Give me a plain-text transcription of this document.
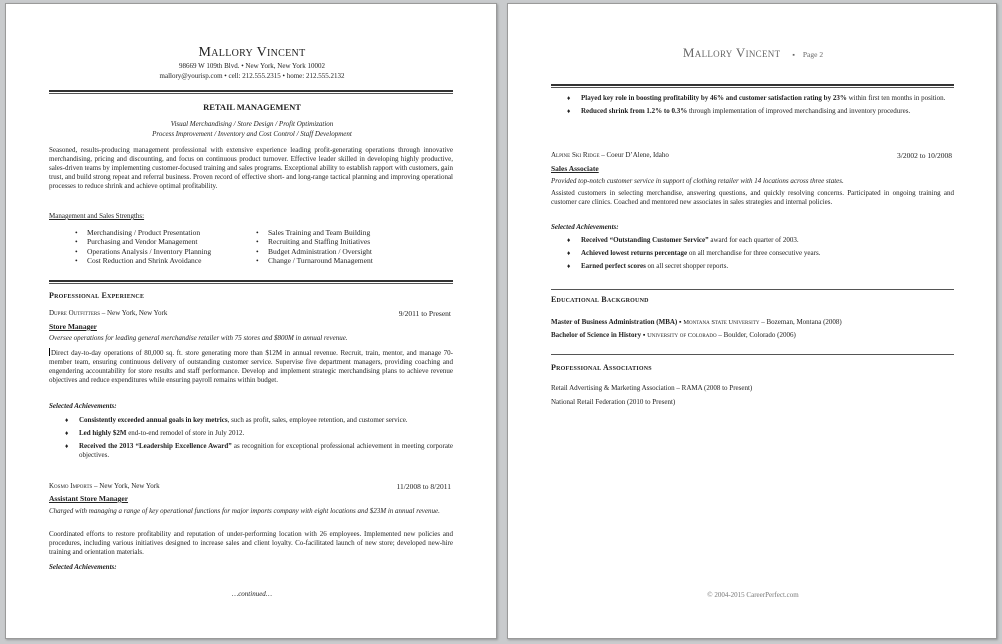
Mallory Vincent
98669 W 109th Blvd. • New York, New York 10002
mallory@yourisp.com • cell: 212.555.2315 • home: 212.555.2132
RETAIL MANAGEMENT
Visual Merchandising / Store Design / Profit Optimization
Process Improvement / Inventory and Cost Control / Staff Development
Seasoned, results-producing management professional with extensive experience leading profit-generating operations through innovative merchandising, pricing and discounting, and focus on continuous product turnover. Effective leader skilled in developing highly productive, sales-driven teams by implementing customer-focused training and sales programs. Exceptional ability to establish rapport with customers, gain trust, and build strong repeat and referral business. Proven record of effective short- and long-range tactical planning and improving operational processes to reduce shrink and achieve optimal profitability.
Management and Sales Strengths:
• Merchandising / Product Presentation
• Purchasing and Vendor Management
• Operations Analysis / Inventory Planning
• Cost Reduction and Shrink Avoidance
• Sales Training and Team Building
• Recruiting and Staffing Initiatives
• Budget Administration / Oversight
• Change / Turnaround Management
Professional Experience
Dupre Outfitters – New York, New York	9/2011 to Present
Store Manager
Oversee operations for leading general merchandise retailer with 75 stores and $800M in annual revenue.
Direct day-to-day operations of 80,000 sq. ft. store generating more than $12M in annual revenue. Recruit, train, mentor, and manage 70-member team, ensuring continuous delivery of outstanding customer service. Supervise five department managers, providing coaching and engendering accountability for store results and staff performance. Develop and implement strategic merchandising plans to achieve revenue objectives and reduce expenditures while ensuring payroll remains within budget.
Selected Achievements:
♦ Consistently exceeded annual goals in key metrics, such as profit, sales, employee retention, and customer service.
♦ Led highly $2M end-to-end remodel of store in July 2012.
♦ Received the 2013 “Leadership Excellence Award” as recognition for exceptional professional achievement in meeting corporate objectives.
Kosmo Imports – New York, New York	11/2008 to 8/2011
Assistant Store Manager
Charged with managing a range of key operational functions for major imports company with eight locations and $23M in annual revenue.
Coordinated efforts to restore profitability and reputation of under-performing location with 26 employees. Implemented new policies and procedures, including various initiatives designed to increase sales and client loyalty. Co-facilitated launch of new store; developed new-hire training and orientation materials.
Selected Achievements:
…continued…
Mallory Vincent ▪ Page 2
♦ Played key role in boosting profitability by 46% and customer satisfaction rating by 23% within first ten months in position.
♦ Reduced shrink from 1.2% to 0.3% through implementation of improved merchandising and inventory procedures.
Alpine Ski Ridge – Coeur D’Alene, Idaho	3/2002 to 10/2008
Sales Associate
Provided top-notch customer service in support of clothing retailer with 14 locations across three states.
Assisted customers in selecting merchandise, answering questions, and quickly resolving concerns. Participated in ongoing training and customer care clinics. Coached and mentored new associates in sales strategies and internal policies.
Selected Achievements:
♦ Received “Outstanding Customer Service” award for each quarter of 2003.
♦ Achieved lowest returns percentage on all merchandise for three consecutive years.
♦ Earned perfect scores on all secret shopper reports.
Educational Background
Master of Business Administration (MBA) ▪ Montana State University – Bozeman, Montana (2008)
Bachelor of Science in History ▪ University of Colorado – Boulder, Colorado (2006)
Professional Associations
Retail Advertising & Marketing Association – RAMA (2008 to Present)
National Retail Federation (2010 to Present)
© 2004-2015 CareerPerfect.com
